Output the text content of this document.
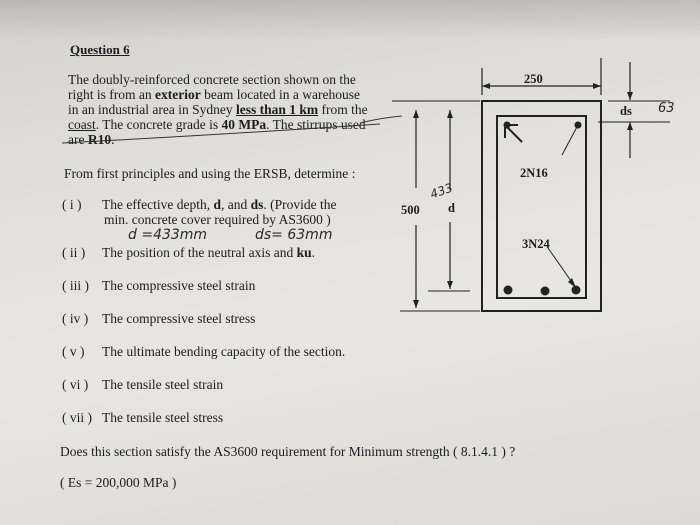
Question 6
The doubly-reinforced concrete section shown on the
right is from an exterior beam located in a warehouse
in an industrial area in Sydney less than 1 km from the
coast. The concrete grade is 40 MPa. The stirrups used
are R10.
From first principles and using the ERSB, determine :
( i ) The effective depth, d, and ds. (Provide the
min. concrete cover required by AS3600 )
d =433mm	ds= 63mm
( ii ) The position of the neutral axis and ku.
( iii ) The compressive steel strain
( iv ) The compressive steel stress
( v ) The ultimate bending capacity of the section.
( vi ) The tensile steel strain
( vii ) The tensile steel stress
Does this section satisfy the AS3600 requirement for Minimum strength ( 8.1.4.1 ) ?
( Es = 200,000 MPa )
250
500 d
ds
2N16
3N24
433
63
